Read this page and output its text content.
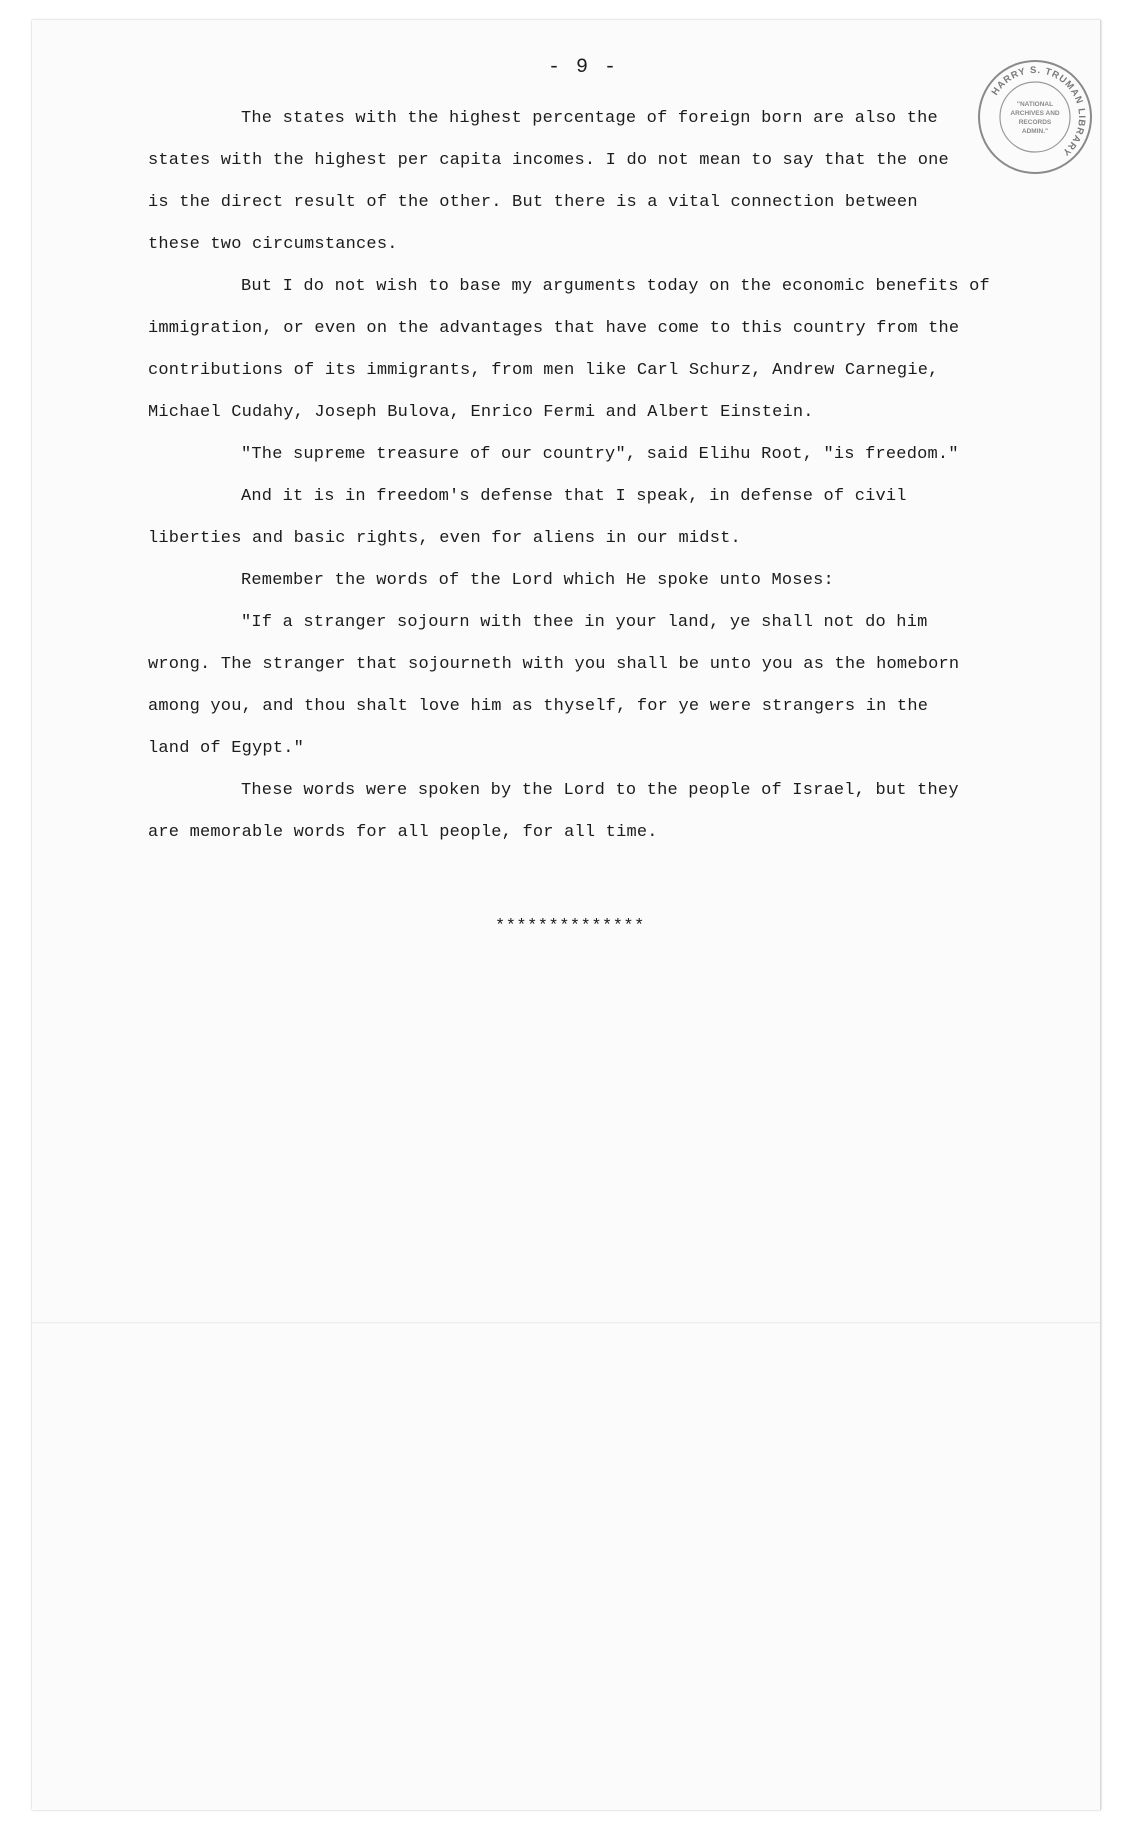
- 9 -
HARRY S. TRUMAN LIBRARY
"NATIONAL
ARCHIVES AND
RECORDS
ADMIN."

The states with the highest percentage of foreign born are also the
states with the highest per capita incomes. I do not mean to say that the one
is the direct result of the other. But there is a vital connection between
these two circumstances.

But I do not wish to base my arguments today on the economic benefits of
immigration, or even on the advantages that have come to this country from the
contributions of its immigrants, from men like Carl Schurz, Andrew Carnegie,
Michael Cudahy, Joseph Bulova, Enrico Fermi and Albert Einstein.

"The supreme treasure of our country", said Elihu Root, "is freedom."

And it is in freedom's defense that I speak, in defense of civil
liberties and basic rights, even for aliens in our midst.

Remember the words of the Lord which He spoke unto Moses:

"If a stranger sojourn with thee in your land, ye shall not do him
wrong. The stranger that sojourneth with you shall be unto you as the homeborn
among you, and thou shalt love him as thyself, for ye were strangers in the
land of Egypt."

These words were spoken by the Lord to the people of Israel, but they
are memorable words for all people, for all time.

**************
